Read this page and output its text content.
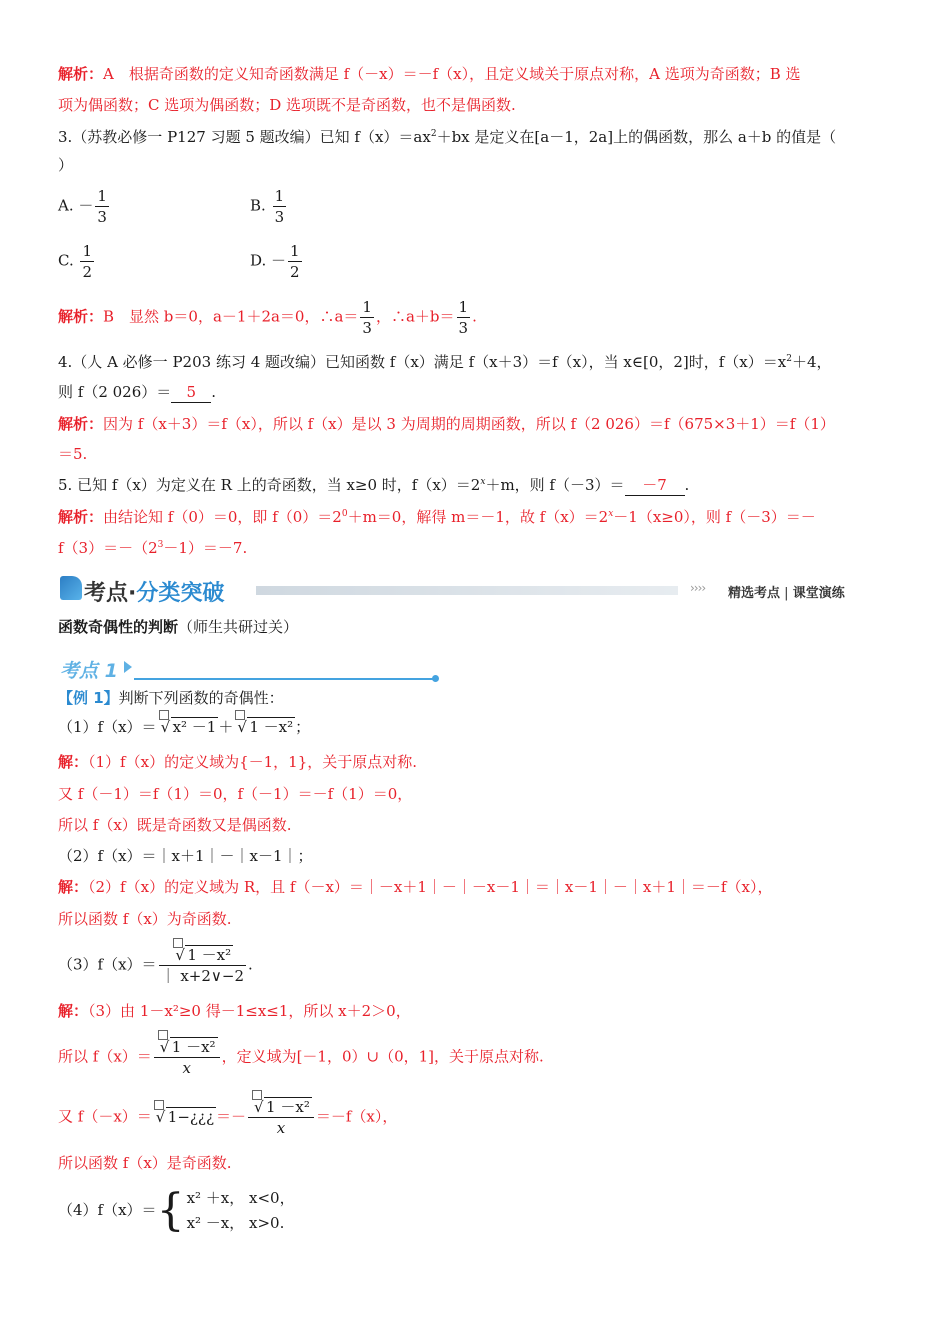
解析：A　根据奇函数的定义知奇函数满足 f（－x）＝－f（x），且定义域关于原点对称，A 选项为奇函数；B 选
项为偶函数；C 选项为偶函数；D 选项既不是奇函数，也不是偶函数.
3.（苏教必修一 P127 习题 5 题改编）已知 $f(x)=ax^2+bx$ 是定义在[a－1，2a]上的偶函数，那么 a＋b 的值是（
）
A. － $\frac{1}{3}$	B. $\frac{1}{3}$
C. $\frac{1}{2}$	D. － $\frac{1}{2}$
解析：B　显然 b＝0，a－1＋2a＝0，∴a＝ $\frac{1}{3}$ ，∴a＋b＝ $\frac{1}{3}$ .
4.（人 A 必修一 P203 练习 4 题改编）已知函数 f（x）满足 f（x＋3）＝f（x），当 x∈[0，2]时，$f(x)=x^2+4$，
则 f（2 026）＝ 5 .
解析：因为 f（x＋3）＝f（x），所以 f（x）是以 3 为周期的周期函数，所以 f（2 026）＝f（675×3＋1）＝f（1）
＝5.
5. 已知 f（x）为定义在 R 上的奇函数，当 x≥0 时，$f(x)=2^x+m$，则 f（－3）＝ －7 .
解析：由结论知 f（0）＝0，即 $f(0)=2^0+m=0$，解得 m＝－1，故 $f(x)=2^x-1(x\ge 0)$，则 f（－3）＝－
$f(3)=-(2^3-1)=-7$.
考点·分类突破	›››› 精选考点 | 课堂演练
函数奇偶性的判断（师生共研过关）
考点 1
【例 1】判断下列函数的奇偶性：
（1）f（x）＝ √ x² －1 ＋ √ 1 －x² ；
解：（1）f（x）的定义域为{－1，1}，关于原点对称.
又 f（－1）＝f（1）＝0，f（－1）＝－f（1）＝0，
所以 f（x）既是奇函数又是偶函数.
（2）f（x）＝｜x＋1｜－｜x－1｜；
解：（2）f（x）的定义域为 R，且 f（－x）＝｜－x＋1｜－｜－x－1｜＝｜x－1｜－｜x＋1｜＝－f（x），
所以函数 f（x）为奇函数.
$(3)f(x)= \frac{\text{√ 1 －x²}}{| x+2\vee-2}$ .
解：（3）由 1－x²≥0 得－1≤x≤1，所以 x＋2＞0，
所以 $f(x)= \frac{\text{√ 1 －x²}}{x}$ ，定义域为[－1，0）∪（0，1]，关于原点对称.
又 f（－x）＝ √ 1−¿¿¿ ＝－ $\frac{\text{√ 1 －x²}}{x} =-f(x)$，
所以函数 f（x）是奇函数.
（4）f（x）＝{ x² ＋x， x<0，
x² －x， x>0.
